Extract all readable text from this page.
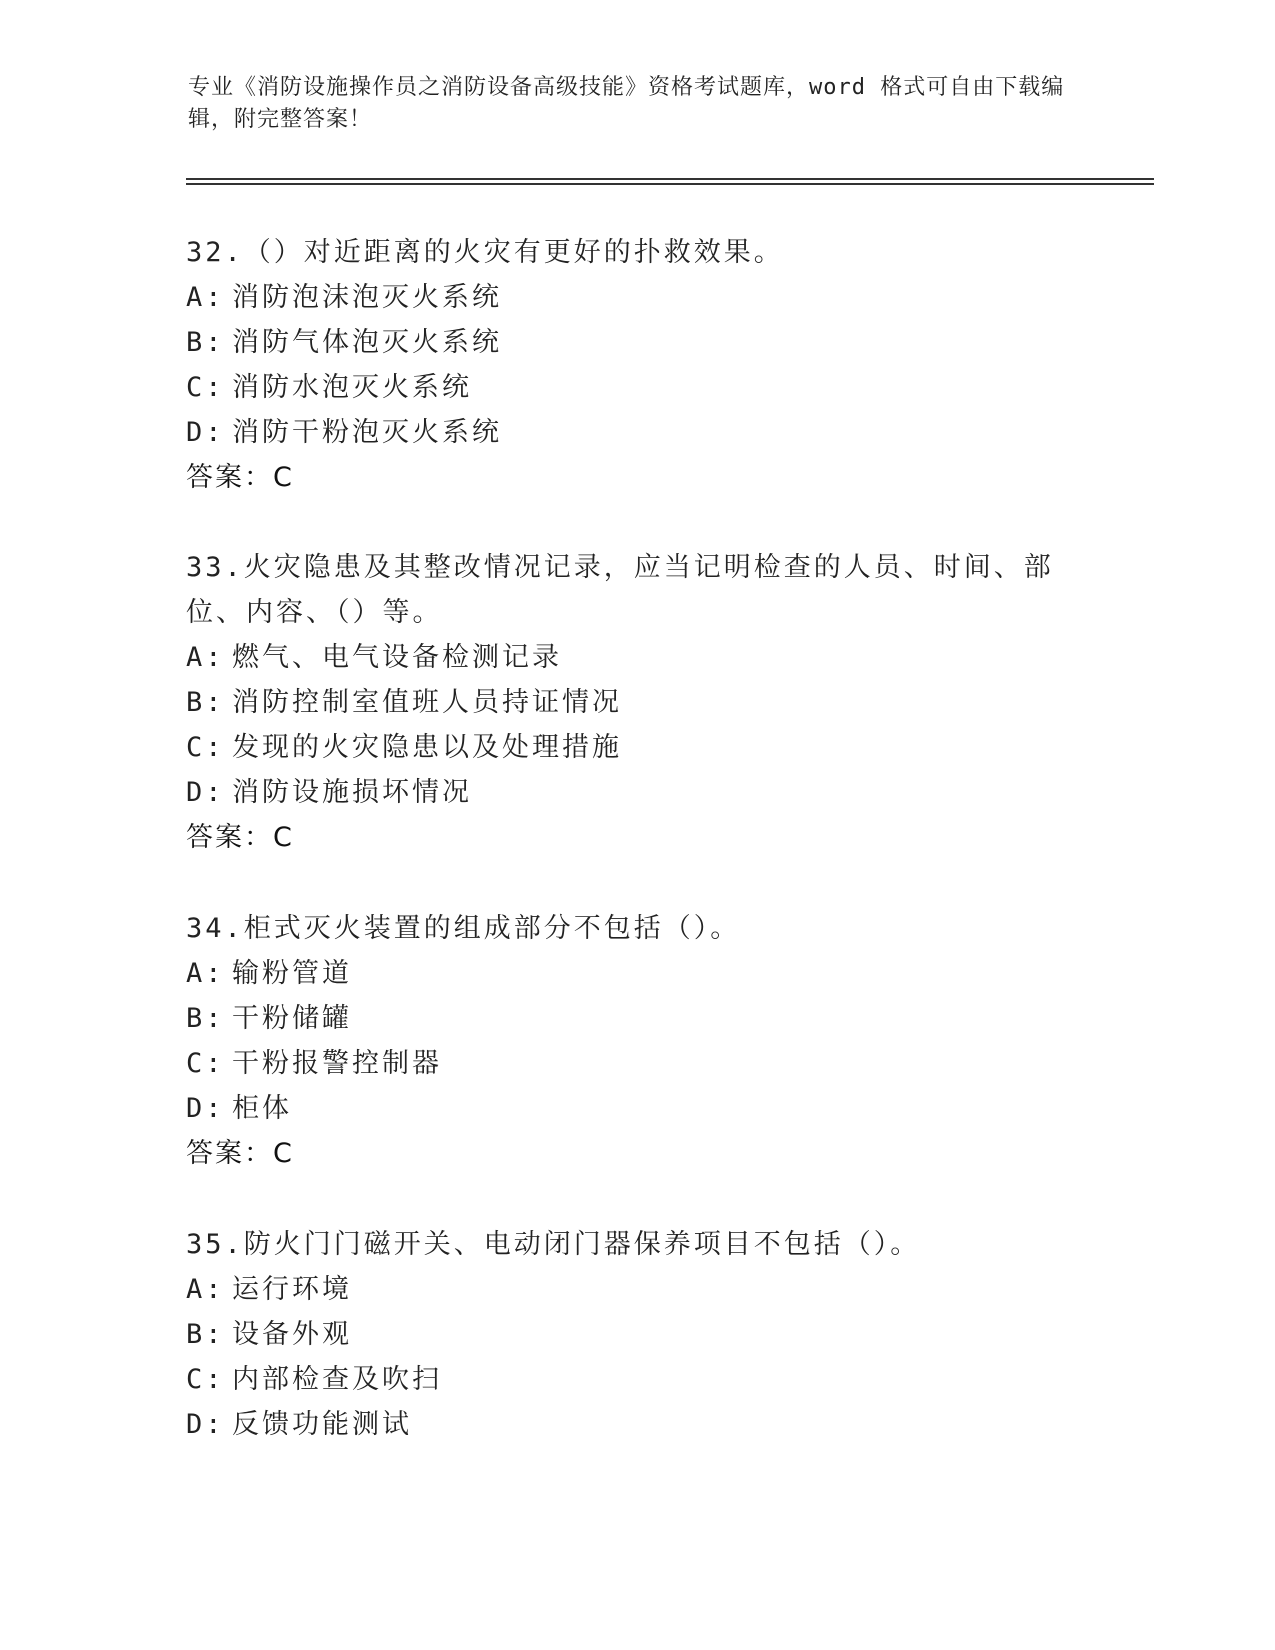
专业《消防设施操作员之消防设备高级技能》资格考试题库，word 格式可自由下载编辑，附完整答案！
32.（）对近距离的火灾有更好的扑救效果。
A: 消防泡沫泡灭火系统
B: 消防气体泡灭火系统
C: 消防水泡灭火系统
D: 消防干粉泡灭火系统
答案：C
33.火灾隐患及其整改情况记录，应当记明检查的人员、时间、部位、内容、（）等。
A: 燃气、电气设备检测记录
B: 消防控制室值班人员持证情况
C: 发现的火灾隐患以及处理措施
D: 消防设施损坏情况
答案：C
34.柜式灭火装置的组成部分不包括（）。
A: 输粉管道
B: 干粉储罐
C: 干粉报警控制器
D: 柜体
答案：C
35.防火门门磁开关、电动闭门器保养项目不包括（）。
A: 运行环境
B: 设备外观
C: 内部检查及吹扫
D: 反馈功能测试
